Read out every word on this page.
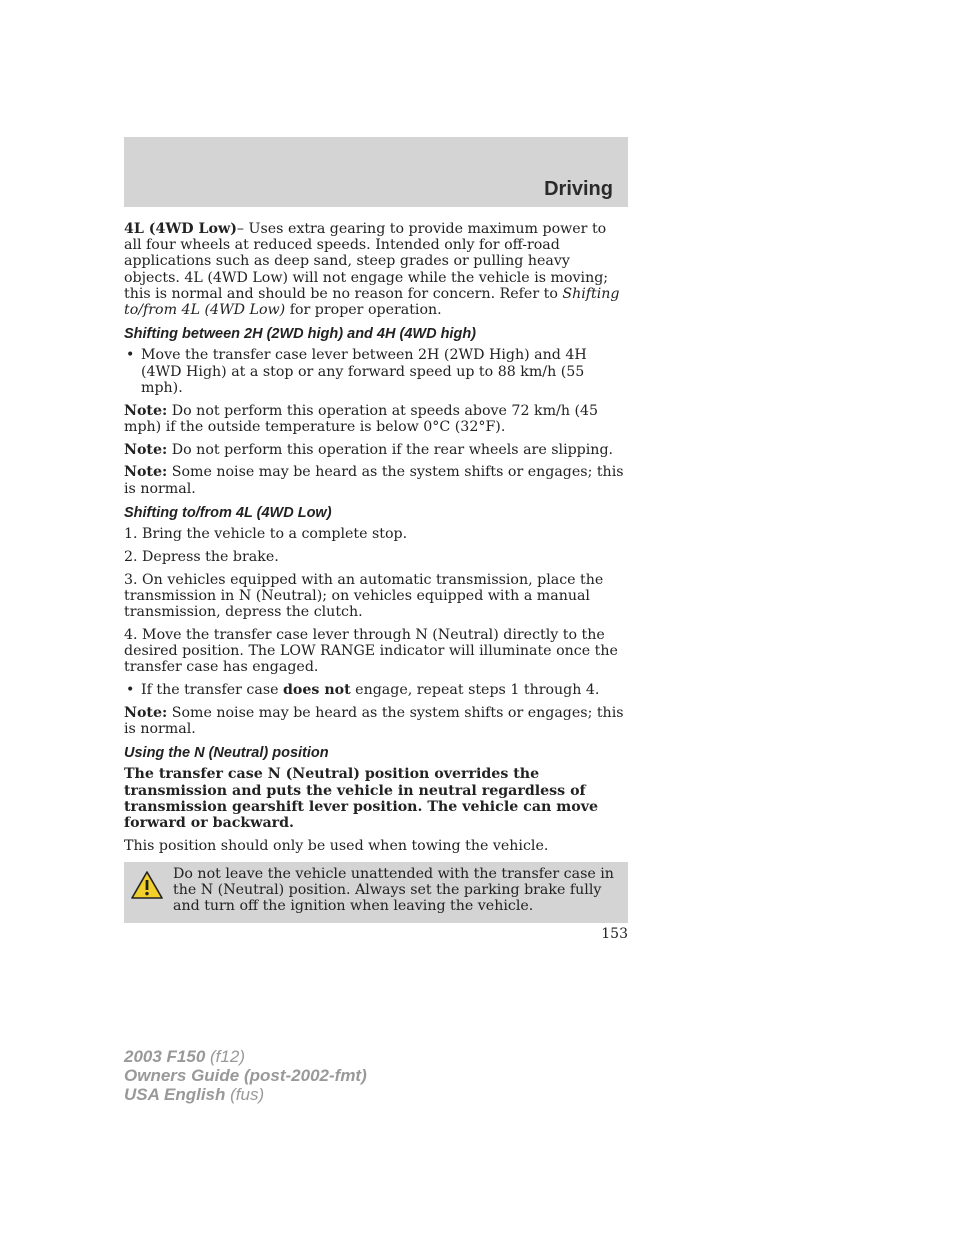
Driving

4L (4WD Low)– Uses extra gearing to provide maximum power to all four wheels at reduced speeds. Intended only for off-road applications such as deep sand, steep grades or pulling heavy objects. 4L (4WD Low) will not engage while the vehicle is moving; this is normal and should be no reason for concern. Refer to Shifting to/from 4L (4WD Low) for proper operation.

Shifting between 2H (2WD high) and 4H (4WD high)
• Move the transfer case lever between 2H (2WD High) and 4H (4WD High) at a stop or any forward speed up to 88 km/h (55 mph).

Note: Do not perform this operation at speeds above 72 km/h (45 mph) if the outside temperature is below 0°C (32°F).

Note: Do not perform this operation if the rear wheels are slipping.

Note: Some noise may be heard as the system shifts or engages; this is normal.

Shifting to/from 4L (4WD Low)

1. Bring the vehicle to a complete stop.

2. Depress the brake.

3. On vehicles equipped with an automatic transmission, place the transmission in N (Neutral); on vehicles equipped with a manual transmission, depress the clutch.

4. Move the transfer case lever through N (Neutral) directly to the desired position. The LOW RANGE indicator will illuminate once the transfer case has engaged.

• If the transfer case does not engage, repeat steps 1 through 4.

Note: Some noise may be heard as the system shifts or engages; this is normal.

Using the N (Neutral) position

The transfer case N (Neutral) position overrides the transmission and puts the vehicle in neutral regardless of transmission gearshift lever position. The vehicle can move forward or backward.

This position should only be used when towing the vehicle.

Do not leave the vehicle unattended with the transfer case in the N (Neutral) position. Always set the parking brake fully and turn off the ignition when leaving the vehicle.
153
2003 F150 (f12)
Owners Guide (post-2002-fmt)
USA English (fus)
